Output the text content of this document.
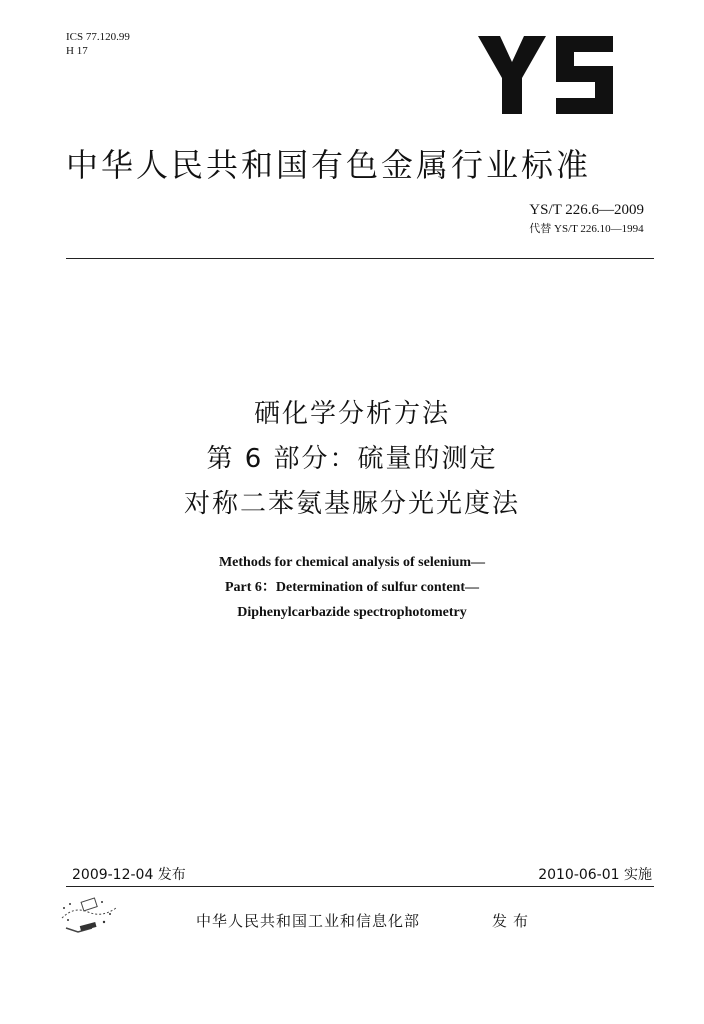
ICS 77.120.99
H 17
中华人民共和国有色金属行业标准
YS/T 226.6—2009
代替 YS/T 226.10—1994
硒化学分析方法
第 6 部分：硫量的测定
对称二苯氨基脲分光光度法
Methods for chemical analysis of selenium—
Part 6：Determination of sulfur content—
Diphenylcarbazide spectrophotometry
2009-12-04 发布	2010-06-01 实施
中华人民共和国工业和信息化部	发布
